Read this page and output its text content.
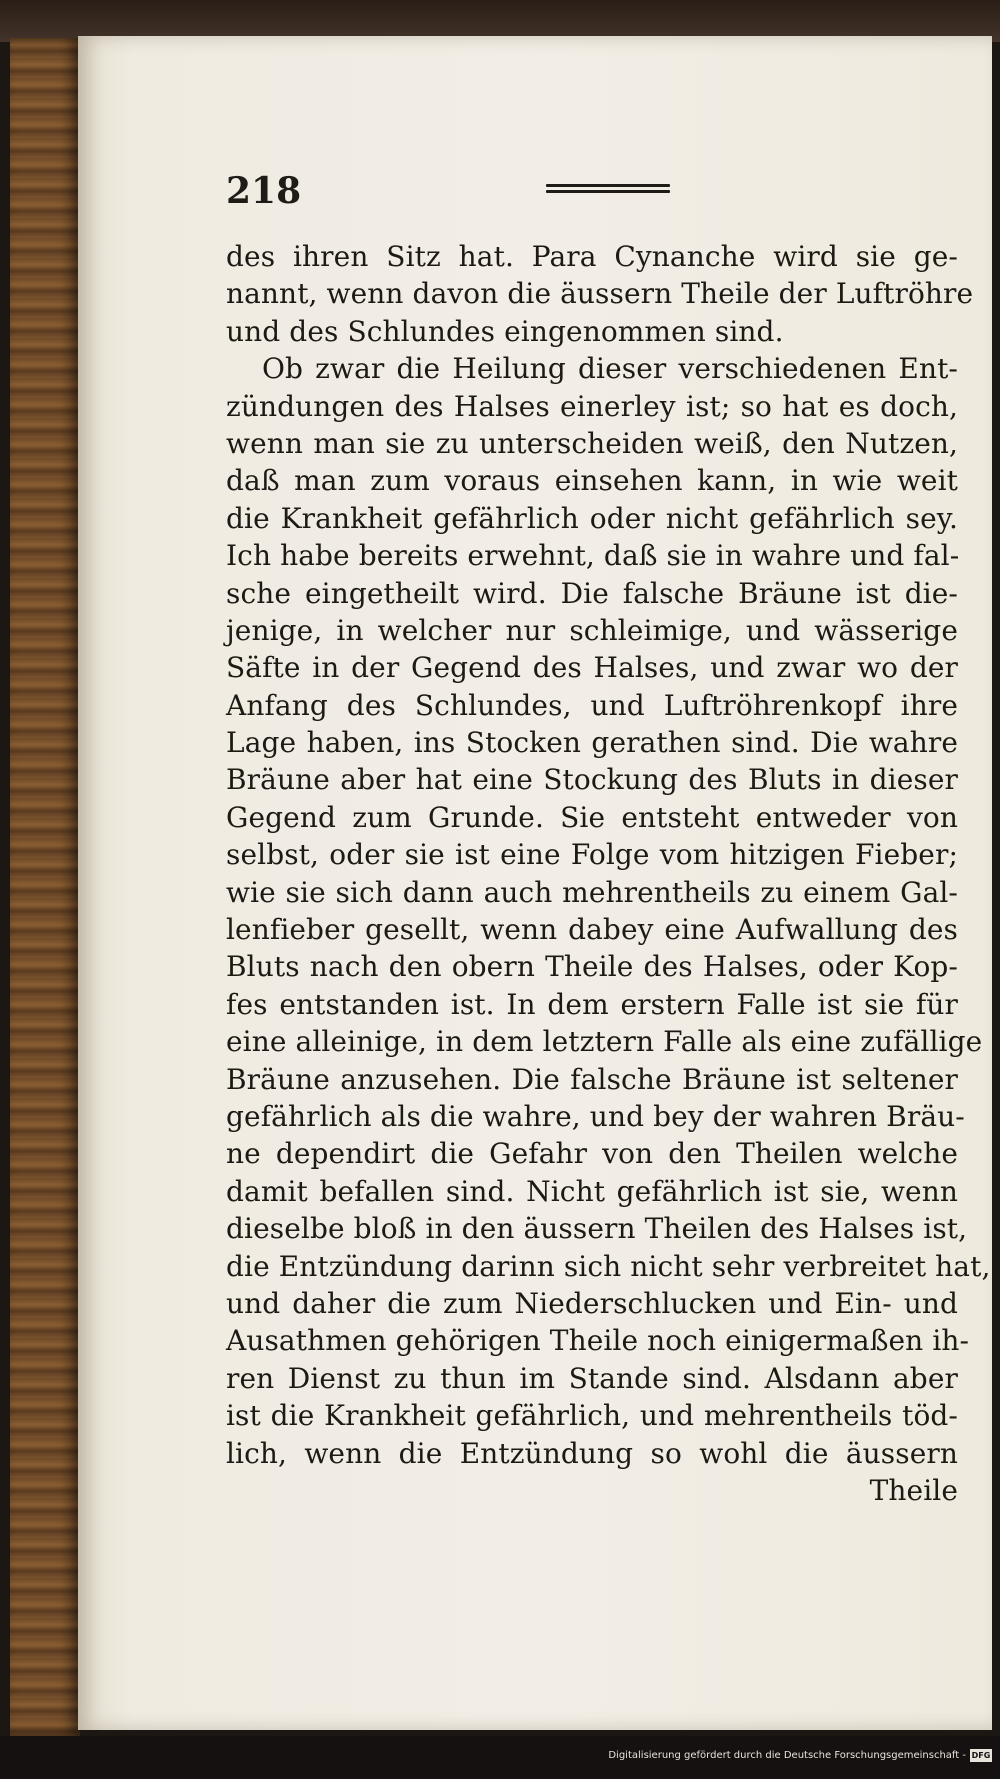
218
des ihren Sitz hat. Para Cynanche wird sie ge-
nannt, wenn davon die äussern Theile der Luftröhre
und des Schlundes eingenommen sind.
Ob zwar die Heilung dieser verschiedenen Ent-
zündungen des Halses einerley ist; so hat es doch,
wenn man sie zu unterscheiden weiß, den Nutzen,
daß man zum voraus einsehen kann, in wie weit
die Krankheit gefährlich oder nicht gefährlich sey.
Ich habe bereits erwehnt, daß sie in wahre und fal-
sche eingetheilt wird. Die falsche Bräune ist die-
jenige, in welcher nur schleimige, und wässerige
Säfte in der Gegend des Halses, und zwar wo der
Anfang des Schlundes, und Luftröhrenkopf ihre
Lage haben, ins Stocken gerathen sind. Die wahre
Bräune aber hat eine Stockung des Bluts in dieser
Gegend zum Grunde. Sie entsteht entweder von
selbst, oder sie ist eine Folge vom hitzigen Fieber;
wie sie sich dann auch mehrentheils zu einem Gal-
lenfieber gesellt, wenn dabey eine Aufwallung des
Bluts nach den obern Theile des Halses, oder Kop-
fes entstanden ist. In dem erstern Falle ist sie für
eine alleinige, in dem letztern Falle als eine zufällige
Bräune anzusehen. Die falsche Bräune ist seltener
gefährlich als die wahre, und bey der wahren Bräu-
ne dependirt die Gefahr von den Theilen welche
damit befallen sind. Nicht gefährlich ist sie, wenn
dieselbe bloß in den äussern Theilen des Halses ist,
die Entzündung darinn sich nicht sehr verbreitet hat,
und daher die zum Niederschlucken und Ein- und
Ausathmen gehörigen Theile noch einigermaßen ih-
ren Dienst zu thun im Stande sind. Alsdann aber
ist die Krankheit gefährlich, und mehrentheils töd-
lich, wenn die Entzündung so wohl die äussern
Theile
Digitalisierung gefördert durch die Deutsche Forschungsgemeinschaft - DFG
